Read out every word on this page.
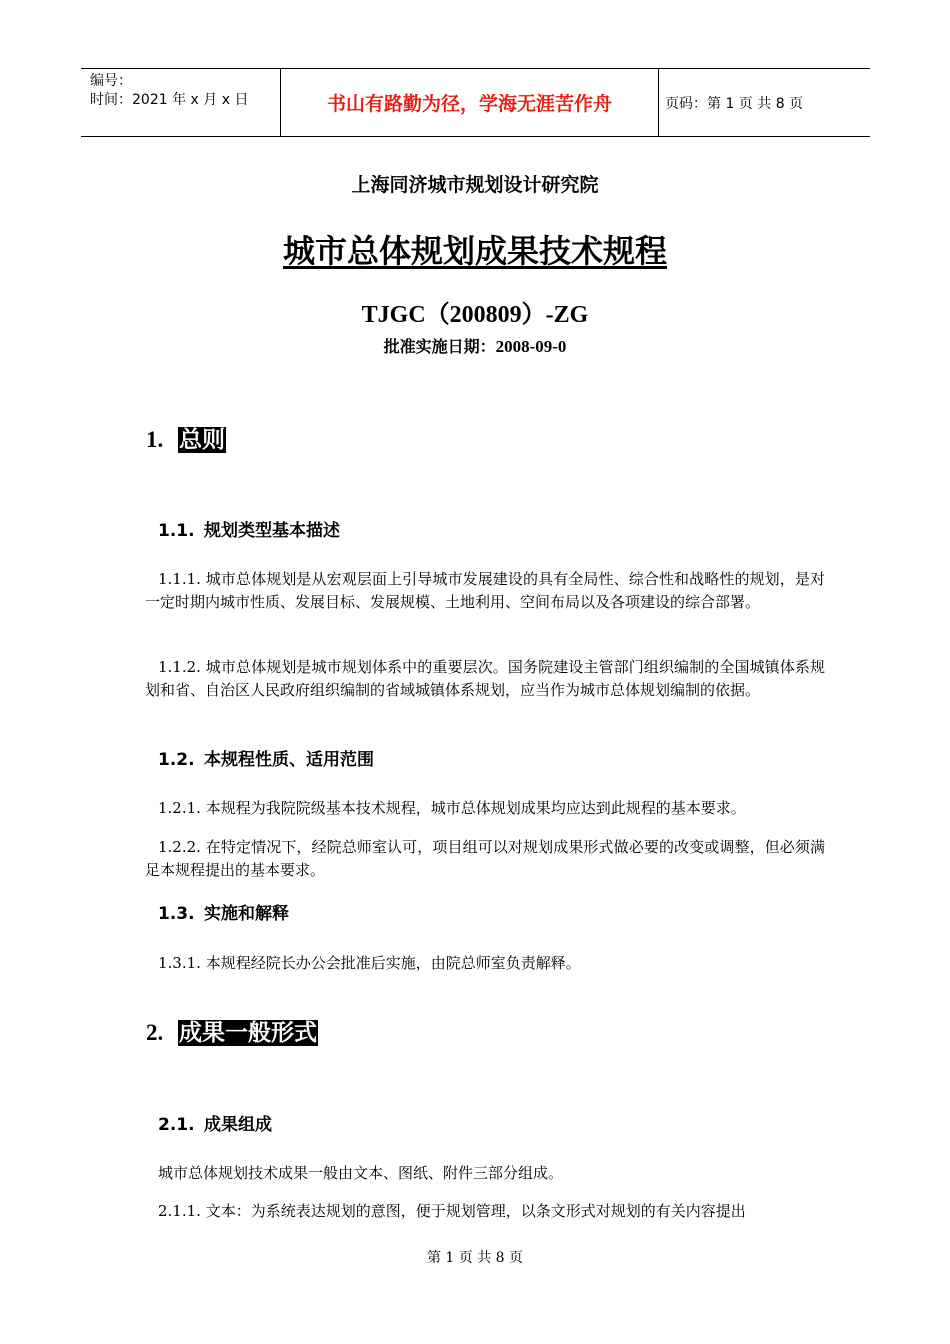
编号：
时间：2021 年 x 月 x 日	书山有路勤为径，学海无涯苦作舟	页码：第 1 页 共 8 页
上海同济城市规划设计研究院
城市总体规划成果技术规程
TJGC（200809）-ZG
批准实施日期：2008-09-0
1. 总则
1.1. 规划类型基本描述
1.1.1. 城市总体规划是从宏观层面上引导城市发展建设的具有全局性、综合性和战略性的规划，是对一定时期内城市性质、发展目标、发展规模、土地利用、空间布局以及各项建设的综合部署。
1.1.2. 城市总体规划是城市规划体系中的重要层次。国务院建设主管部门组织编制的全国城镇体系规划和省、自治区人民政府组织编制的省域城镇体系规划，应当作为城市总体规划编制的依据。
1.2. 本规程性质、适用范围
1.2.1. 本规程为我院院级基本技术规程，城市总体规划成果均应达到此规程的基本要求。
1.2.2. 在特定情况下，经院总师室认可，项目组可以对规划成果形式做必要的改变或调整，但必须满足本规程提出的基本要求。
1.3. 实施和解释
1.3.1. 本规程经院长办公会批准后实施，由院总师室负责解释。
2. 成果一般形式
2.1. 成果组成
城市总体规划技术成果一般由文本、图纸、附件三部分组成。
2.1.1. 文本：为系统表达规划的意图，便于规划管理，以条文形式对规划的有关内容提出
第 1 页 共 8 页
